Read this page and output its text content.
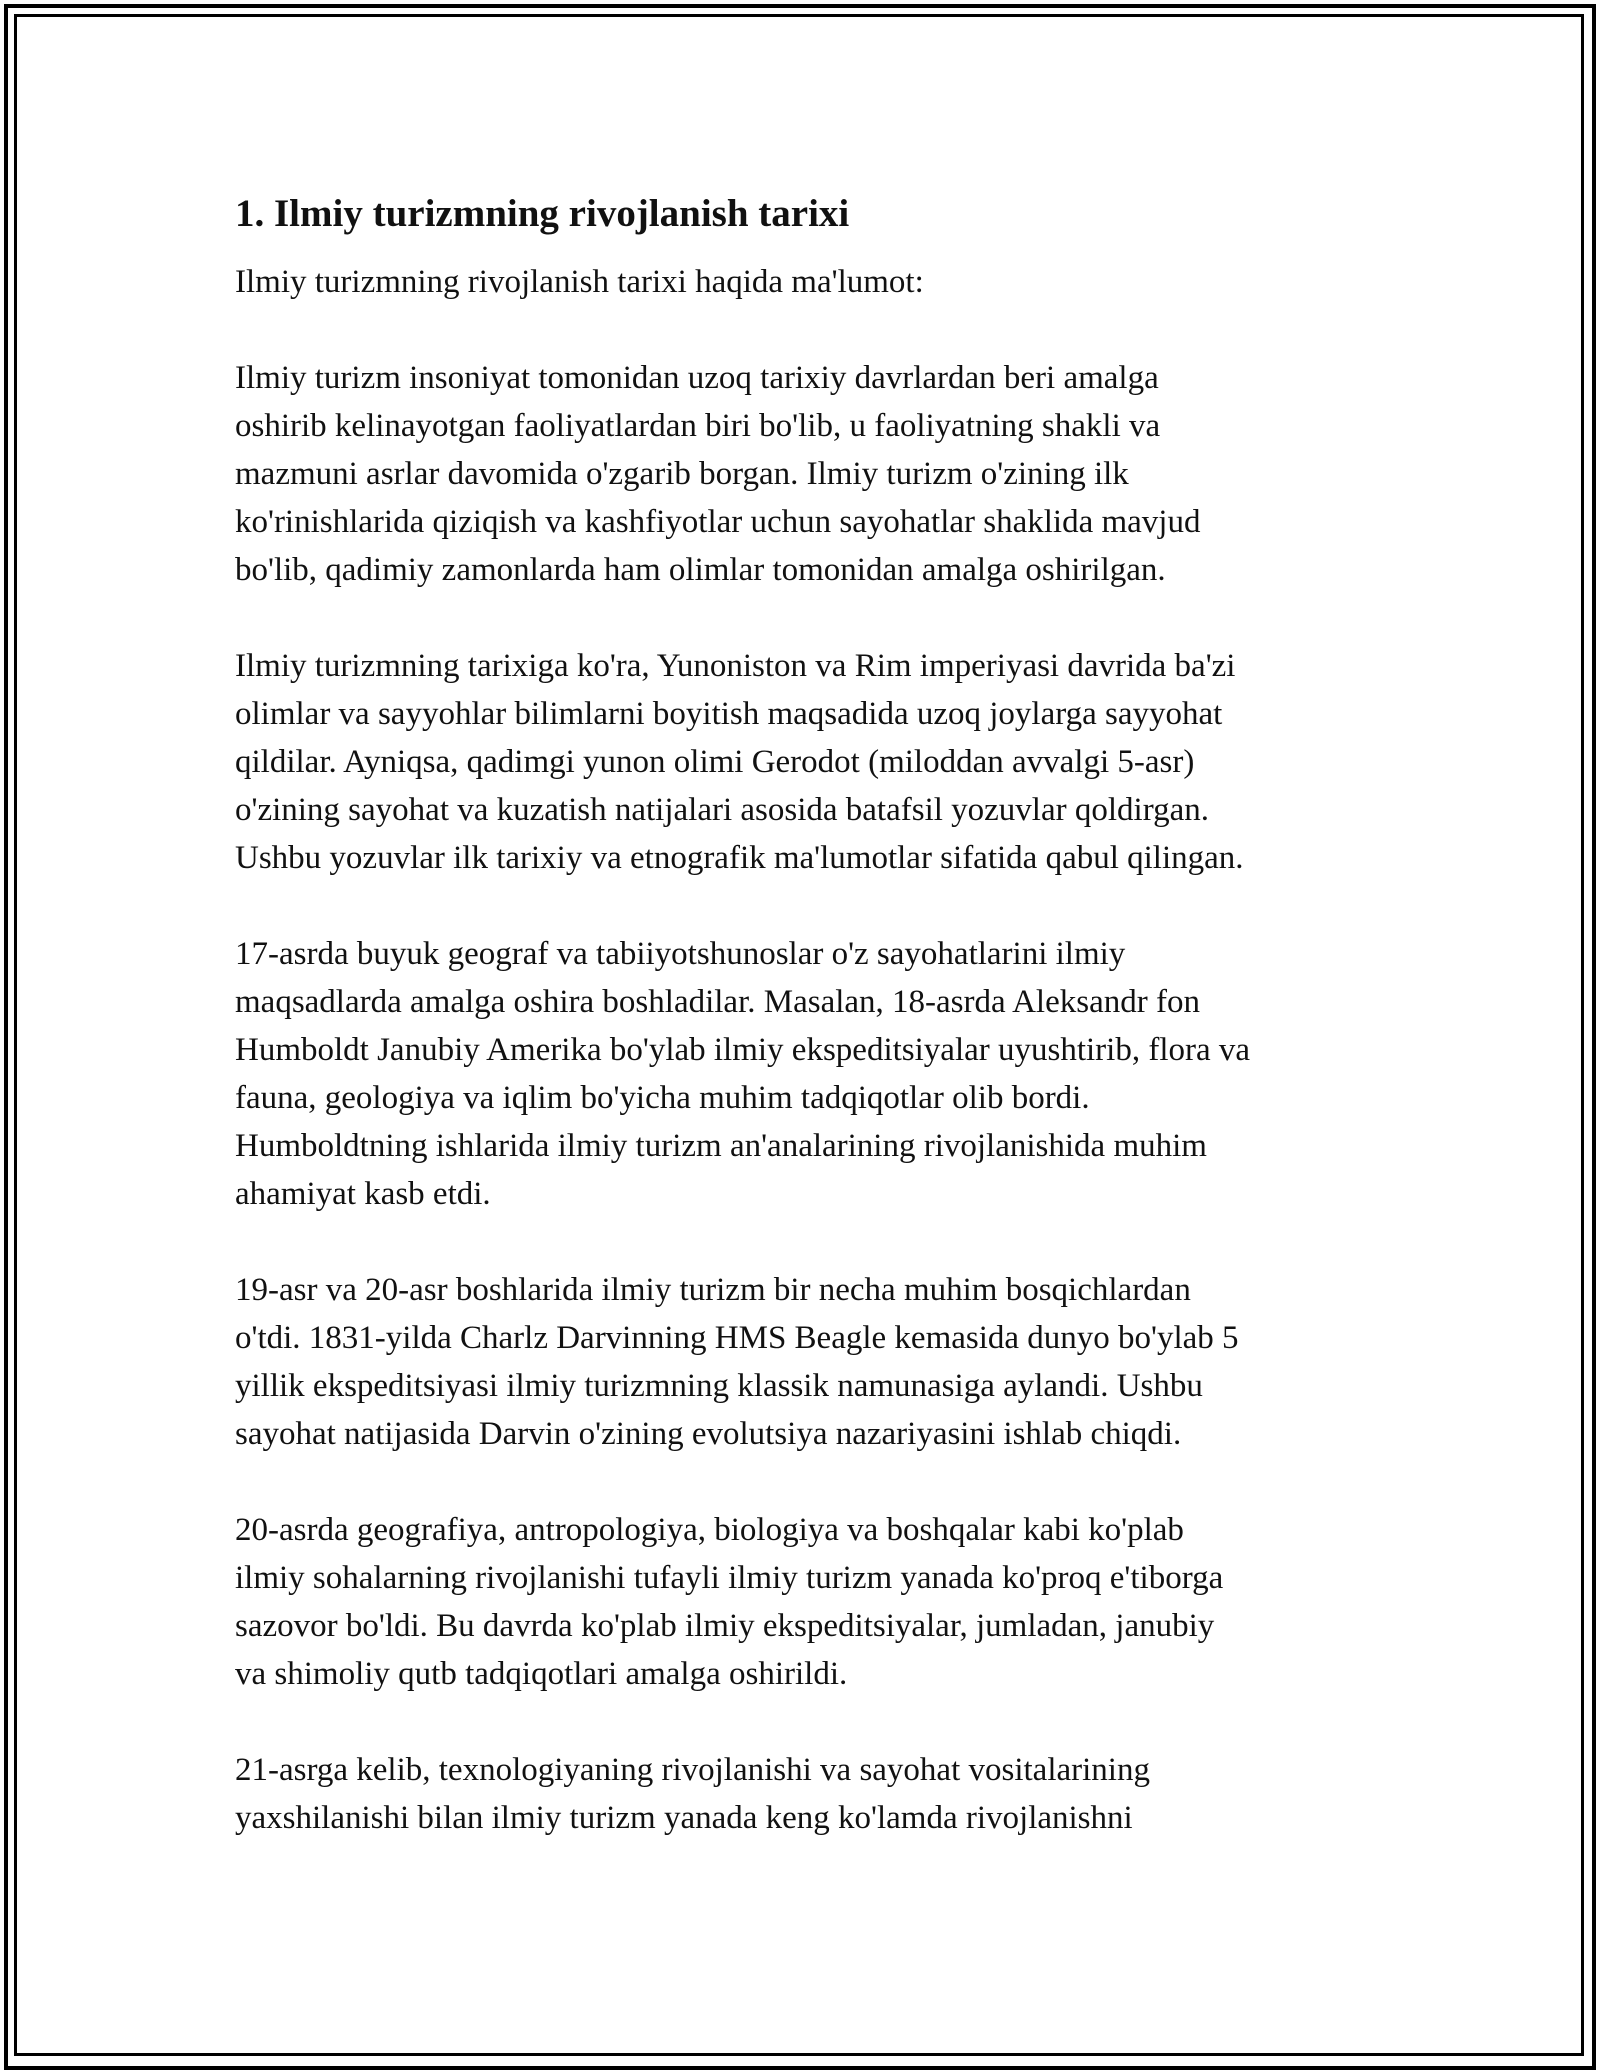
1. Ilmiy turizmning rivojlanish tarixi

Ilmiy turizmning rivojlanish tarixi haqida ma'lumot:

Ilmiy turizm insoniyat tomonidan uzoq tarixiy davrlardan beri amalga
oshirib kelinayotgan faoliyatlardan biri bo'lib, u faoliyatning shakli va
mazmuni asrlar davomida o'zgarib borgan. Ilmiy turizm o'zining ilk
ko'rinishlarida qiziqish va kashfiyotlar uchun sayohatlar shaklida mavjud
bo'lib, qadimiy zamonlarda ham olimlar tomonidan amalga oshirilgan.

Ilmiy turizmning tarixiga ko'ra, Yunoniston va Rim imperiyasi davrida ba'zi
olimlar va sayyohlar bilimlarni boyitish maqsadida uzoq joylarga sayyohat
qildilar. Ayniqsa, qadimgi yunon olimi Gerodot (miloddan avvalgi 5-asr)
o'zining sayohat va kuzatish natijalari asosida batafsil yozuvlar qoldirgan.
Ushbu yozuvlar ilk tarixiy va etnografik ma'lumotlar sifatida qabul qilingan.

17-asrda buyuk geograf va tabiiyotshunoslar o'z sayohatlarini ilmiy
maqsadlarda amalga oshira boshladilar. Masalan, 18-asrda Aleksandr fon
Humboldt Janubiy Amerika bo'ylab ilmiy ekspeditsiyalar uyushtirib, flora va
fauna, geologiya va iqlim bo'yicha muhim tadqiqotlar olib bordi.
Humboldtning ishlarida ilmiy turizm an'analarining rivojlanishida muhim
ahamiyat kasb etdi.

19-asr va 20-asr boshlarida ilmiy turizm bir necha muhim bosqichlardan
o'tdi. 1831-yilda Charlz Darvinning HMS Beagle kemasida dunyo bo'ylab 5
yillik ekspeditsiyasi ilmiy turizmning klassik namunasiga aylandi. Ushbu
sayohat natijasida Darvin o'zining evolutsiya nazariyasini ishlab chiqdi.

20-asrda geografiya, antropologiya, biologiya va boshqalar kabi ko'plab
ilmiy sohalarning rivojlanishi tufayli ilmiy turizm yanada ko'proq e'tiborga
sazovor bo'ldi. Bu davrda ko'plab ilmiy ekspeditsiyalar, jumladan, janubiy
va shimoliy qutb tadqiqotlari amalga oshirildi.

21-asrga kelib, texnologiyaning rivojlanishi va sayohat vositalarining
yaxshilanishi bilan ilmiy turizm yanada keng ko'lamda rivojlanishni
